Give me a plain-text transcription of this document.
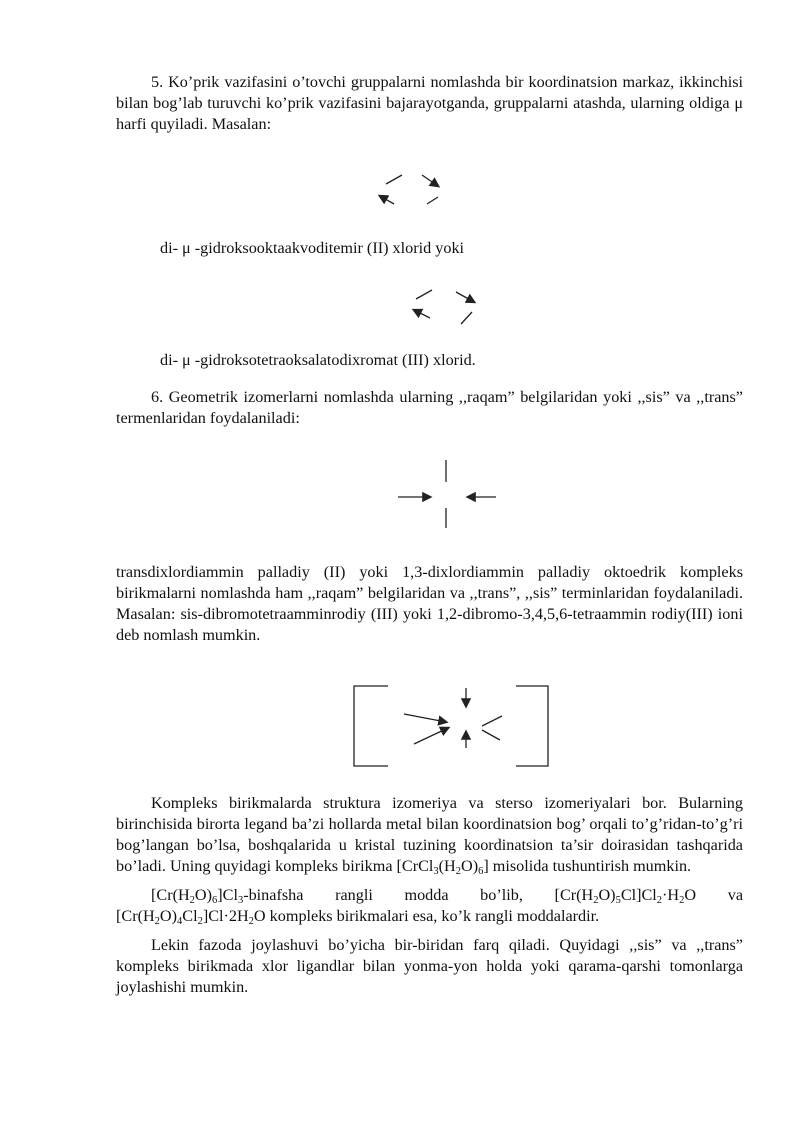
5. Ko’prik vazifasini o’tovchi gruppalarni nomlashda bir koordinatsion markaz, ikkinchisi bilan bog’lab turuvchi ko’prik vazifasini bajarayotganda, gruppalarni atashda, ularning oldiga μ harfi quyiladi. Masalan:

di- μ -gidroksooktaakvoditemir (II) xlorid yoki
di- μ -gidroksotetraoksalatodixromat (III) xlorid.

6. Geometrik izomerlarni nomlashda ularning ,,raqam” belgilaridan yoki ,,sis” va ,,trans” termenlaridan foydalaniladi:

transdixlordiammin palladiy (II) yoki 1,3-dixlordiammin palladiy oktoedrik kompleks birikmalarni nomlashda ham ,,raqam” belgilaridan va ,,trans”, ,,sis” terminlaridan foydalaniladi. Masalan: sis-dibromotetraamminrodiy (III) yoki 1,2-dibromo-3,4,5,6-tetraammin rodiy(III) ioni deb nomlash mumkin.

Kompleks birikmalarda struktura izomeriya va sterso izomeriyalari bor. Bularning birinchisida birorta legand ba’zi hollarda metal bilan koordinatsion bog’ orqali to’g’ridan-to’g’ri bog’langan bo’lsa, boshqalarida u kristal tuzining koordinatsion ta’sir doirasidan tashqarida bo’ladi. Uning quyidagi kompleks birikma $[CrCl_3(H_2O)_6]$ misolida tushuntirish mumkin.

$[Cr(H_2O)_6]Cl_3$-binafsha rangli modda bo’lib, $[Cr(H_2O)_5Cl]Cl_2\cdot H_2O$ va $[Cr(H_2O)_4Cl_2]Cl\cdot 2H_2O$ kompleks birikmalari esa, ko’k rangli moddalardir.

Lekin fazoda joylashuvi bo’yicha bir-biridan farq qiladi. Quyidagi ,,sis” va ,,trans” kompleks birikmada xlor ligandlar bilan yonma-yon holda yoki qarama-qarshi tomonlarga joylashishi mumkin.
